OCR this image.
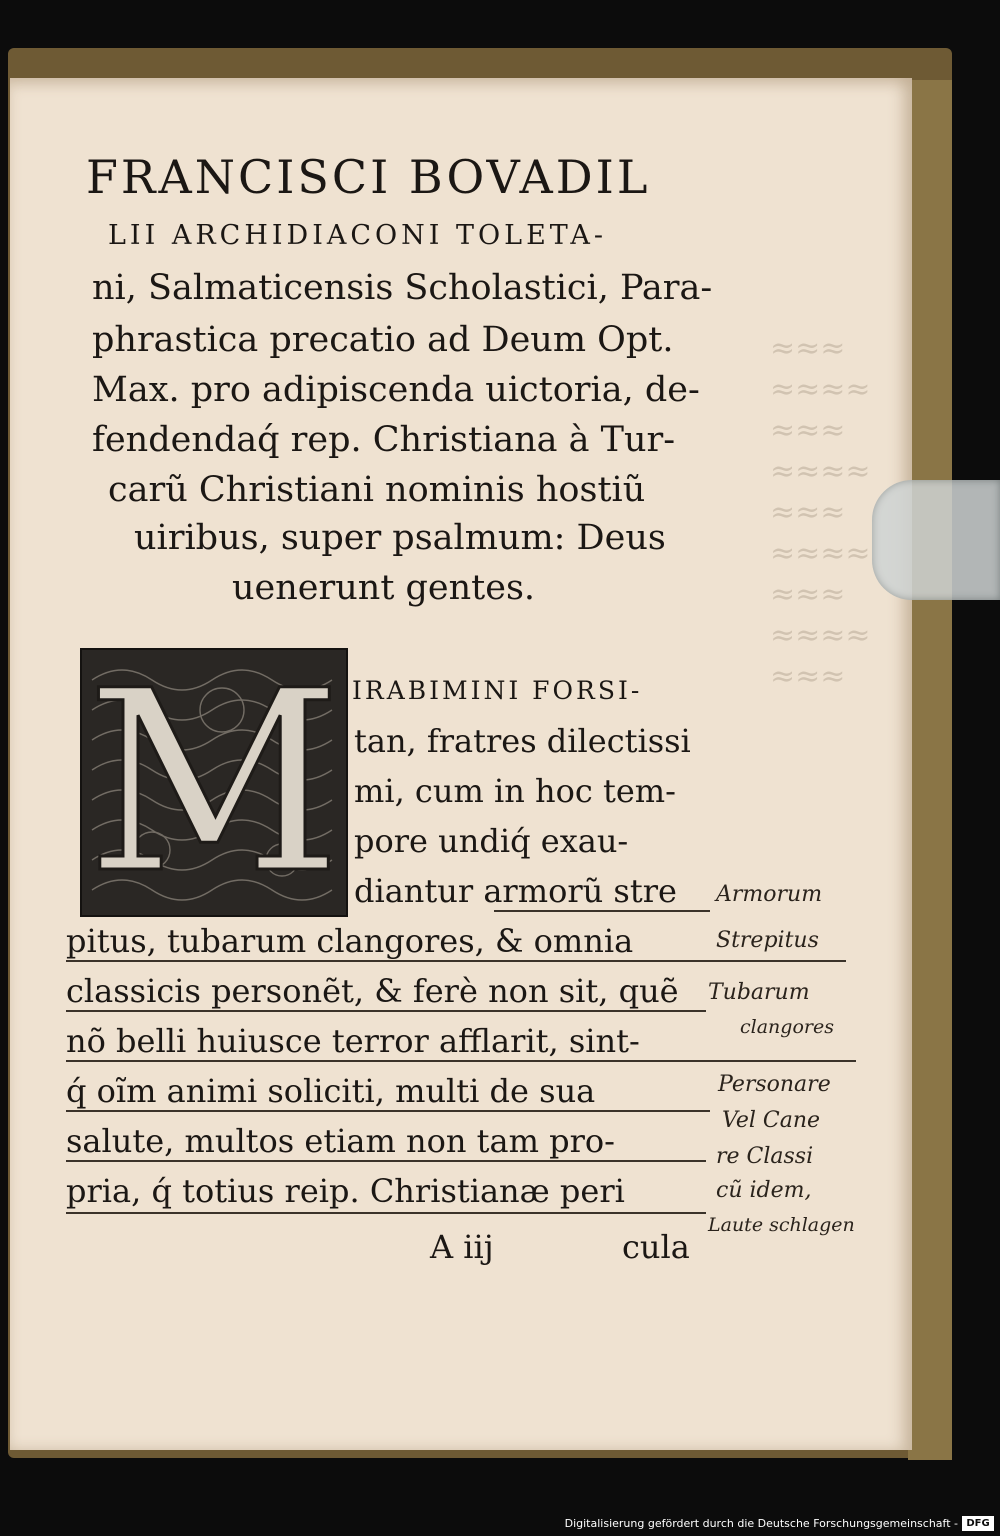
≈≈≈
≈≈≈≈
≈≈≈
≈≈≈≈
≈≈≈
≈≈≈≈
≈≈≈
≈≈≈≈
≈≈≈
FRANCISCI BOVADIL

LII ARCHIDIACONI TOLETA-

ni, Salmaticensis Scholastici, Para-

phrastica precatio ad Deum Opt.

Max. pro adipiscenda uictoria, de-

fendendaq́ rep. Christiana à Tur-

carũ Christiani nominis hostiũ

uiribus, super psalmum: Deus

uenerunt gentes.

M IRABIMINI FORSI-

tan, fratres dilectissi

mi, cum in hoc tem-

pore undiq́ exau-

diantur armorũ stre

pitus, tubarum clangores, & omnia

classicis personẽt, & ferè non sit, quẽ

nõ belli huiusce terror afflarit, sint-

q́ oĩm animi soliciti, multi de sua

salute, multos etiam non tam pro-

pria, q́ totius reip. Christianæ peri

A iij	cula

Armorum

Strepitus

Tubarum

clangores

Personare

Vel Cane

re Classi

cũ idem,

Laute schlagen

Digitalisierung gefördert durch die Deutsche Forschungsgemeinschaft - DFG
